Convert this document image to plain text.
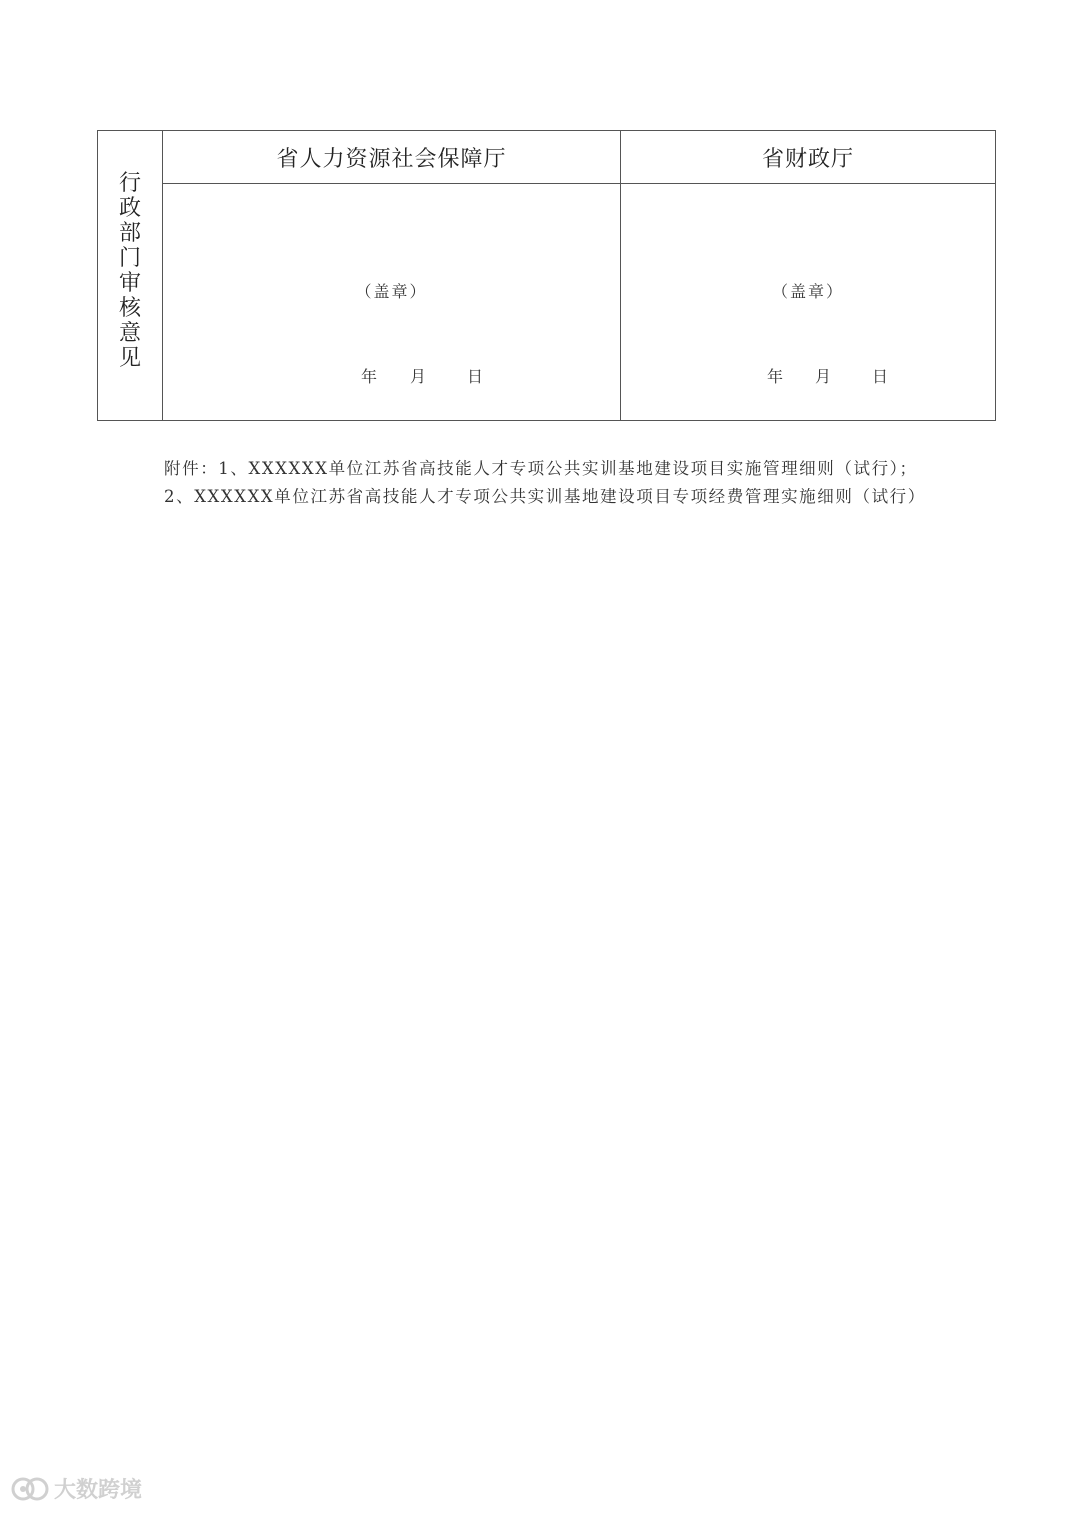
行政部门审核意见
省人力资源社会保障厅
（盖章）
年 月	日
省财政厅
（盖章）
年 月	日
附件：1、XXXXXX单位江苏省高技能人才专项公共实训基地建设项目实施管理细则（试行）；2、XXXXXX单位江苏省高技能人才专项公共实训基地建设项目专项经费管理实施细则（试行）
大数跨境
